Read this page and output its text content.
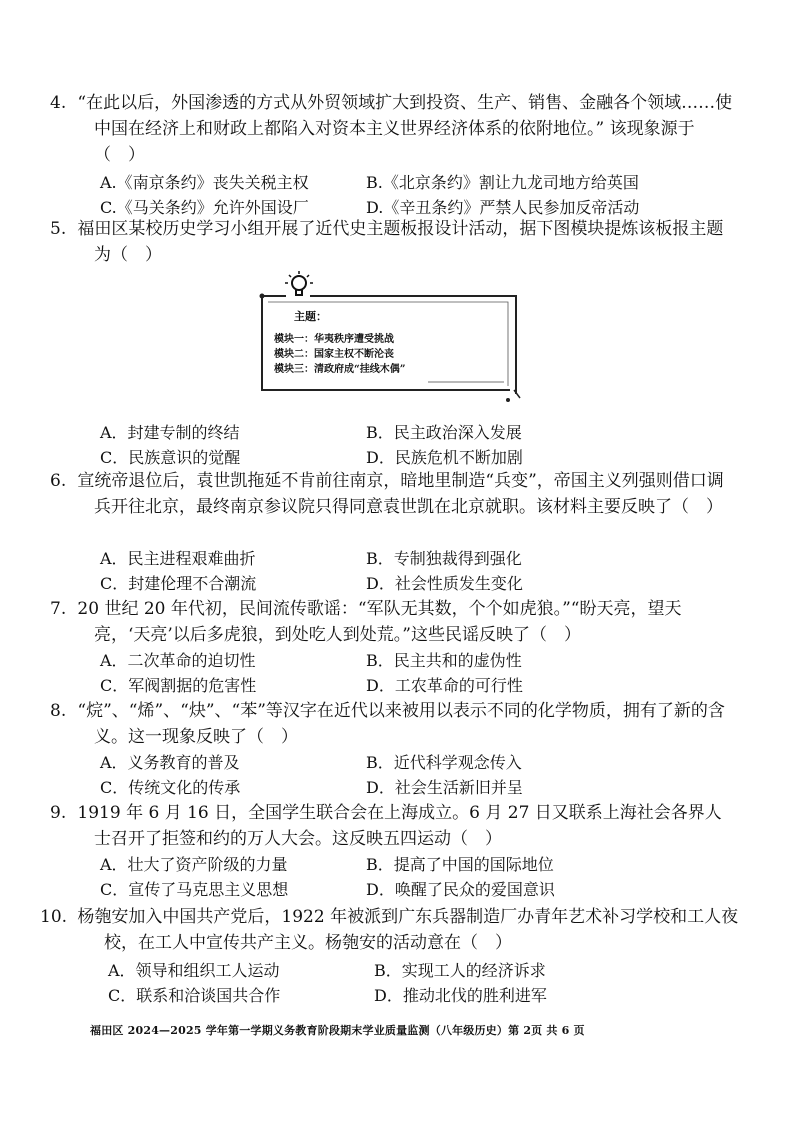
4. “在此以后，外国渗透的方式从外贸领域扩大到投资、生产、销售、金融各个领域……使中国在经济上和财政上都陷入对资本主义世界经济体系的依附地位。” 该现象源于（　）
A.《南京条约》丧失关税主权	B.《北京条约》割让九龙司地方给英国
C.《马关条约》允许外国设厂	D.《辛丑条约》严禁人民参加反帝活动
5. 福田区某校历史学习小组开展了近代史主题板报设计活动，据下图模块提炼该板报主题为（　）
主题：
模块一：华夷秩序遭受挑战
模块二：国家主权不断沦丧
模块三：清政府成“挂线木偶”
A．封建专制的终结	B．民主政治深入发展
C．民族意识的觉醒	D．民族危机不断加剧
6. 宣统帝退位后，袁世凯拖延不肯前往南京，暗地里制造“兵变”，帝国主义列强则借口调兵开往北京，最终南京参议院只得同意袁世凯在北京就职。该材料主要反映了（　）
A．民主进程艰难曲折	B．专制独裁得到强化
C．封建伦理不合潮流	D．社会性质发生变化
7. 20 世纪 20 年代初，民间流传歌谣：“军队无其数，个个如虎狼。”“盼天亮，望天亮，‘天亮’以后多虎狼，到处吃人到处荒。”这些民谣反映了（　）
A．二次革命的迫切性	B．民主共和的虚伪性
C．军阀割据的危害性	D．工农革命的可行性
8. “烷”、“烯”、“炔”、“苯”等汉字在近代以来被用以表示不同的化学物质，拥有了新的含义。这一现象反映了（　）
A．义务教育的普及	B．近代科学观念传入
C．传统文化的传承	D．社会生活新旧并呈
9. 1919 年 6 月 16 日，全国学生联合会在上海成立。6 月 27 日又联系上海社会各界人士召开了拒签和约的万人大会。这反映五四运动（　）
A．壮大了资产阶级的力量	B．提高了中国的国际地位
C．宣传了马克思主义思想	D．唤醒了民众的爱国意识
10. 杨匏安加入中国共产党后，1922 年被派到广东兵器制造厂办青年艺术补习学校和工人夜校，在工人中宣传共产主义。杨匏安的活动意在（　）
A．领导和组织工人运动	B．实现工人的经济诉求
C．联系和洽谈国共合作	D．推动北伐的胜利进军
福田区 2024—2025 学年第一学期义务教育阶段期末学业质量监测（八年级历史）第 2页 共 6 页
